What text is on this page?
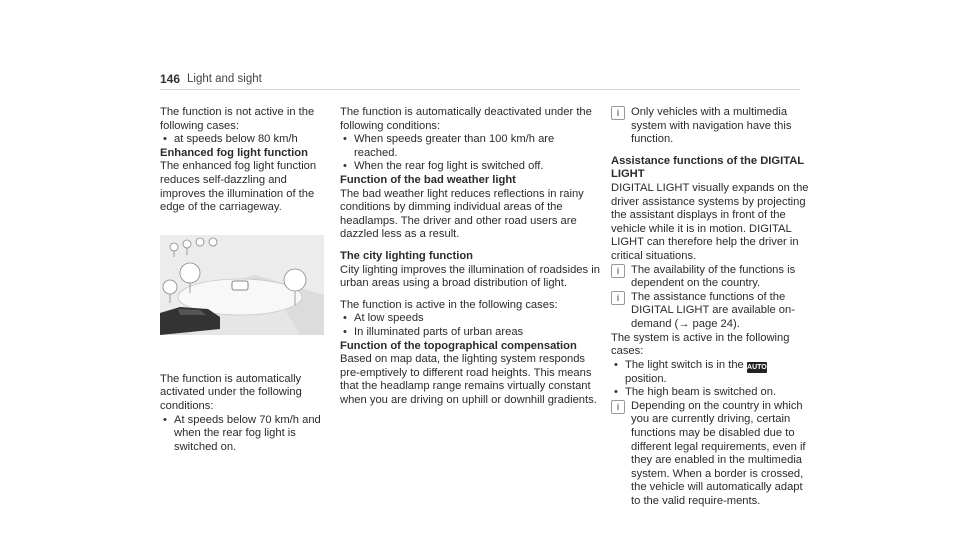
146 Light and sight

The function is not active in the following cases:

• at speeds below 80 km/h
Enhanced fog light function

The enhanced fog light function reduces self-dazzling and improves the illumination of the edge of the carriageway.

The function is automatically activated under the following conditions:

• At speeds below 70 km/h and when the rear fog light is switched on.

The function is automatically deactivated under the following conditions:

• When speeds greater than 100 km/h are reached.
• When the rear fog light is switched off.
Function of the bad weather light

The bad weather light reduces reflections in rainy conditions by dimming individual areas of the headlamps. The driver and other road users are dazzled less as a result.

The city lighting function

City lighting improves the illumination of roadsides in urban areas using a broad distribution of light.

The function is active in the following cases:

• At low speeds
• In illuminated parts of urban areas
Function of the topographical compensation

Based on map data, the lighting system responds pre-emptively to different road heights. This means that the headlamp range remains virtually constant when you are driving on uphill or downhill gradients.

i	Only vehicles with a multimedia system with navigation have this function.
Assistance functions of the DIGITAL LIGHT

DIGITAL LIGHT visually expands on the driver assistance systems by projecting the assistant displays in front of the vehicle while it is in motion. DIGITAL LIGHT can therefore help the driver in critical situations.

i	The availability of the functions is dependent on the country.
i	The assistance functions of the DIGITAL LIGHT are available on-demand (→ page 24).

The system is active in the following cases:

• The light switch is in the AUTO position.
• The high beam is switched on.
i	Depending on the country in which you are currently driving, certain functions may be disabled due to different legal requirements, even if they are enabled in the multimedia system. When a border is crossed, the vehicle will automatically adapt to the valid require-ments.
